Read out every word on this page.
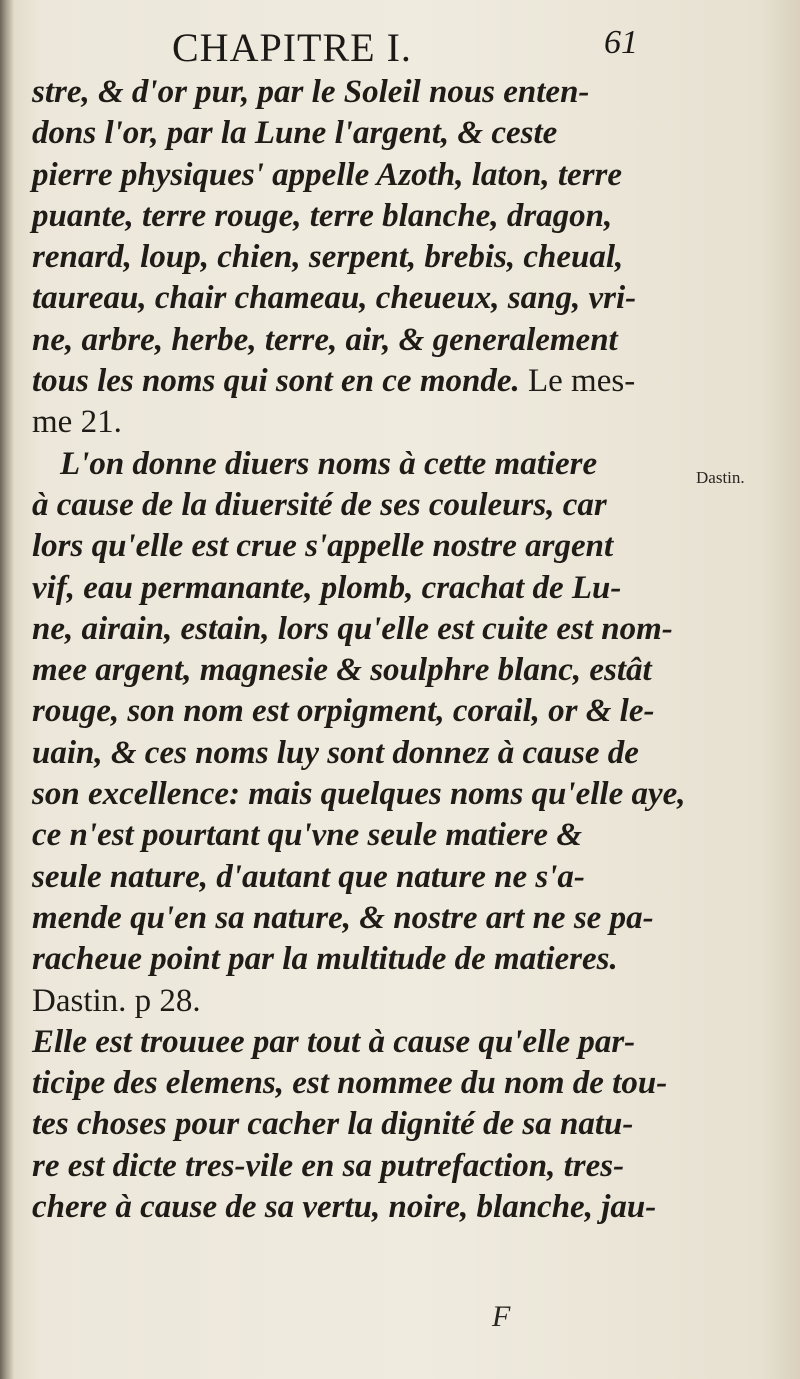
CHAPITRE I.	61
stre, & d'or pur, par le Soleil nous enten-
dons l'or, par la Lune l'argent, & ceste
pierre physiques' appelle Azoth, laton, terre
puante, terre rouge, terre blanche, dragon,
renard, loup, chien, serpent, brebis, cheual,
taureau, chair chameau, cheueux, sang, vri-
ne, arbre, herbe, terre, air, & generalement
tous les noms qui sont en ce monde. Le mes-
me 21.
L'on donne diuers noms à cette matiere
à cause de la diuersité de ses couleurs, car
lors qu'elle est crue s'appelle nostre argent
vif, eau permanante, plomb, crachat de Lu-
ne, airain, estain, lors qu'elle est cuite est nom-
mee argent, magnesie & soulphre blanc, estât
rouge, son nom est orpigment, corail, or & le-
uain, & ces noms luy sont donnez à cause de
son excellence: mais quelques noms qu'elle aye,
ce n'est pourtant qu'vne seule matiere &
seule nature, d'autant que nature ne s'a-
mende qu'en sa nature, & nostre art ne se pa-
racheue point par la multitude de matieres.
Dastin. p 28.
Elle est trouuee par tout à cause qu'elle par-
ticipe des elemens, est nommee du nom de tou-
tes choses pour cacher la dignité de sa natu-
re est dicte tres-vile en sa putrefaction, tres-
chere à cause de sa vertu, noire, blanche, jau-
Dastin.
F
